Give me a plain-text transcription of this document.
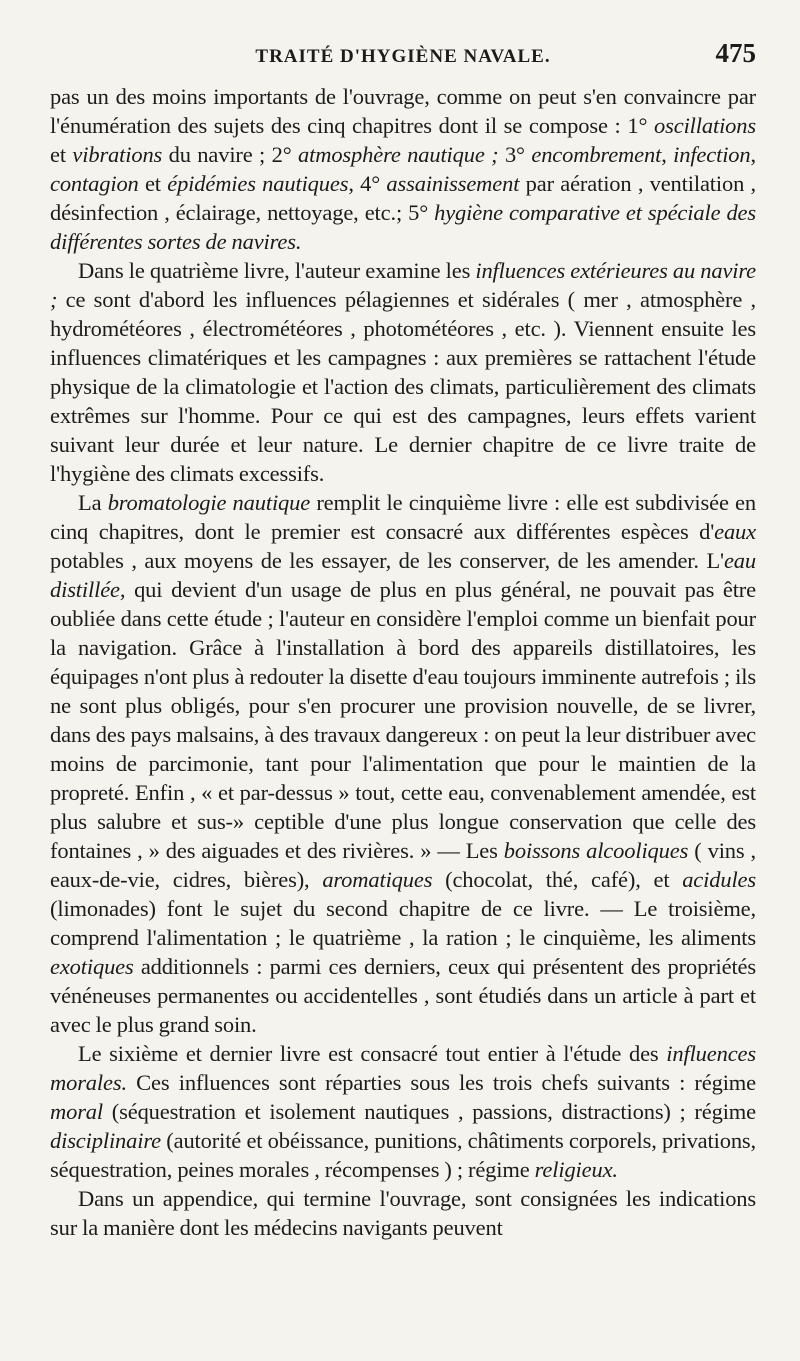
TRAITÉ D'HYGIÈNE NAVALE.	475

pas un des moins importants de l'ouvrage, comme on peut s'en convaincre par l'énumération des sujets des cinq chapitres dont il se compose : 1° oscillations et vibrations du navire ; 2° atmosphère nautique ; 3° encombrement, infection, contagion et épidémies nautiques, 4° assainissement par aération , ventilation , désinfection , éclairage, nettoyage, etc.; 5° hygiène comparative et spéciale des différentes sortes de navires.

Dans le quatrième livre, l'auteur examine les influences extérieures au navire ; ce sont d'abord les influences pélagiennes et sidérales ( mer , atmosphère , hydrométéores , électrométéores , photométéores , etc. ). Viennent ensuite les influences climatériques et les campagnes : aux premières se rattachent l'étude physique de la climatologie et l'action des climats, particulièrement des climats extrêmes sur l'homme. Pour ce qui est des campagnes, leurs effets varient suivant leur durée et leur nature. Le dernier chapitre de ce livre traite de l'hygiène des climats excessifs.

La bromatologie nautique remplit le cinquième livre : elle est subdivisée en cinq chapitres, dont le premier est consacré aux différentes espèces d'eaux potables , aux moyens de les essayer, de les conserver, de les amender. L'eau distillée, qui devient d'un usage de plus en plus général, ne pouvait pas être oubliée dans cette étude ; l'auteur en considère l'emploi comme un bienfait pour la navigation. Grâce à l'installation à bord des appareils distillatoires, les équipages n'ont plus à redouter la disette d'eau toujours imminente autrefois ; ils ne sont plus obligés, pour s'en procurer une provision nouvelle, de se livrer, dans des pays malsains, à des travaux dangereux : on peut la leur distribuer avec moins de parcimonie, tant pour l'alimentation que pour le maintien de la propreté. Enfin , « et par-dessus » tout, cette eau, convenablement amendée, est plus salubre et sus-» ceptible d'une plus longue conservation que celle des fontaines , » des aiguades et des rivières. » — Les boissons alcooliques ( vins , eaux-de-vie, cidres, bières), aromatiques (chocolat, thé, café), et acidules (limonades) font le sujet du second chapitre de ce livre. — Le troisième, comprend l'alimentation ; le quatrième , la ration ; le cinquième, les aliments exotiques additionnels : parmi ces derniers, ceux qui présentent des propriétés vénéneuses permanentes ou accidentelles , sont étudiés dans un article à part et avec le plus grand soin.

Le sixième et dernier livre est consacré tout entier à l'étude des influences morales. Ces influences sont réparties sous les trois chefs suivants : régime moral (séquestration et isolement nautiques , passions, distractions) ; régime disciplinaire (autorité et obéissance, punitions, châtiments corporels, privations, séquestration, peines morales , récompenses ) ; régime religieux.

Dans un appendice, qui termine l'ouvrage, sont consignées les indications sur la manière dont les médecins navigants peuvent
